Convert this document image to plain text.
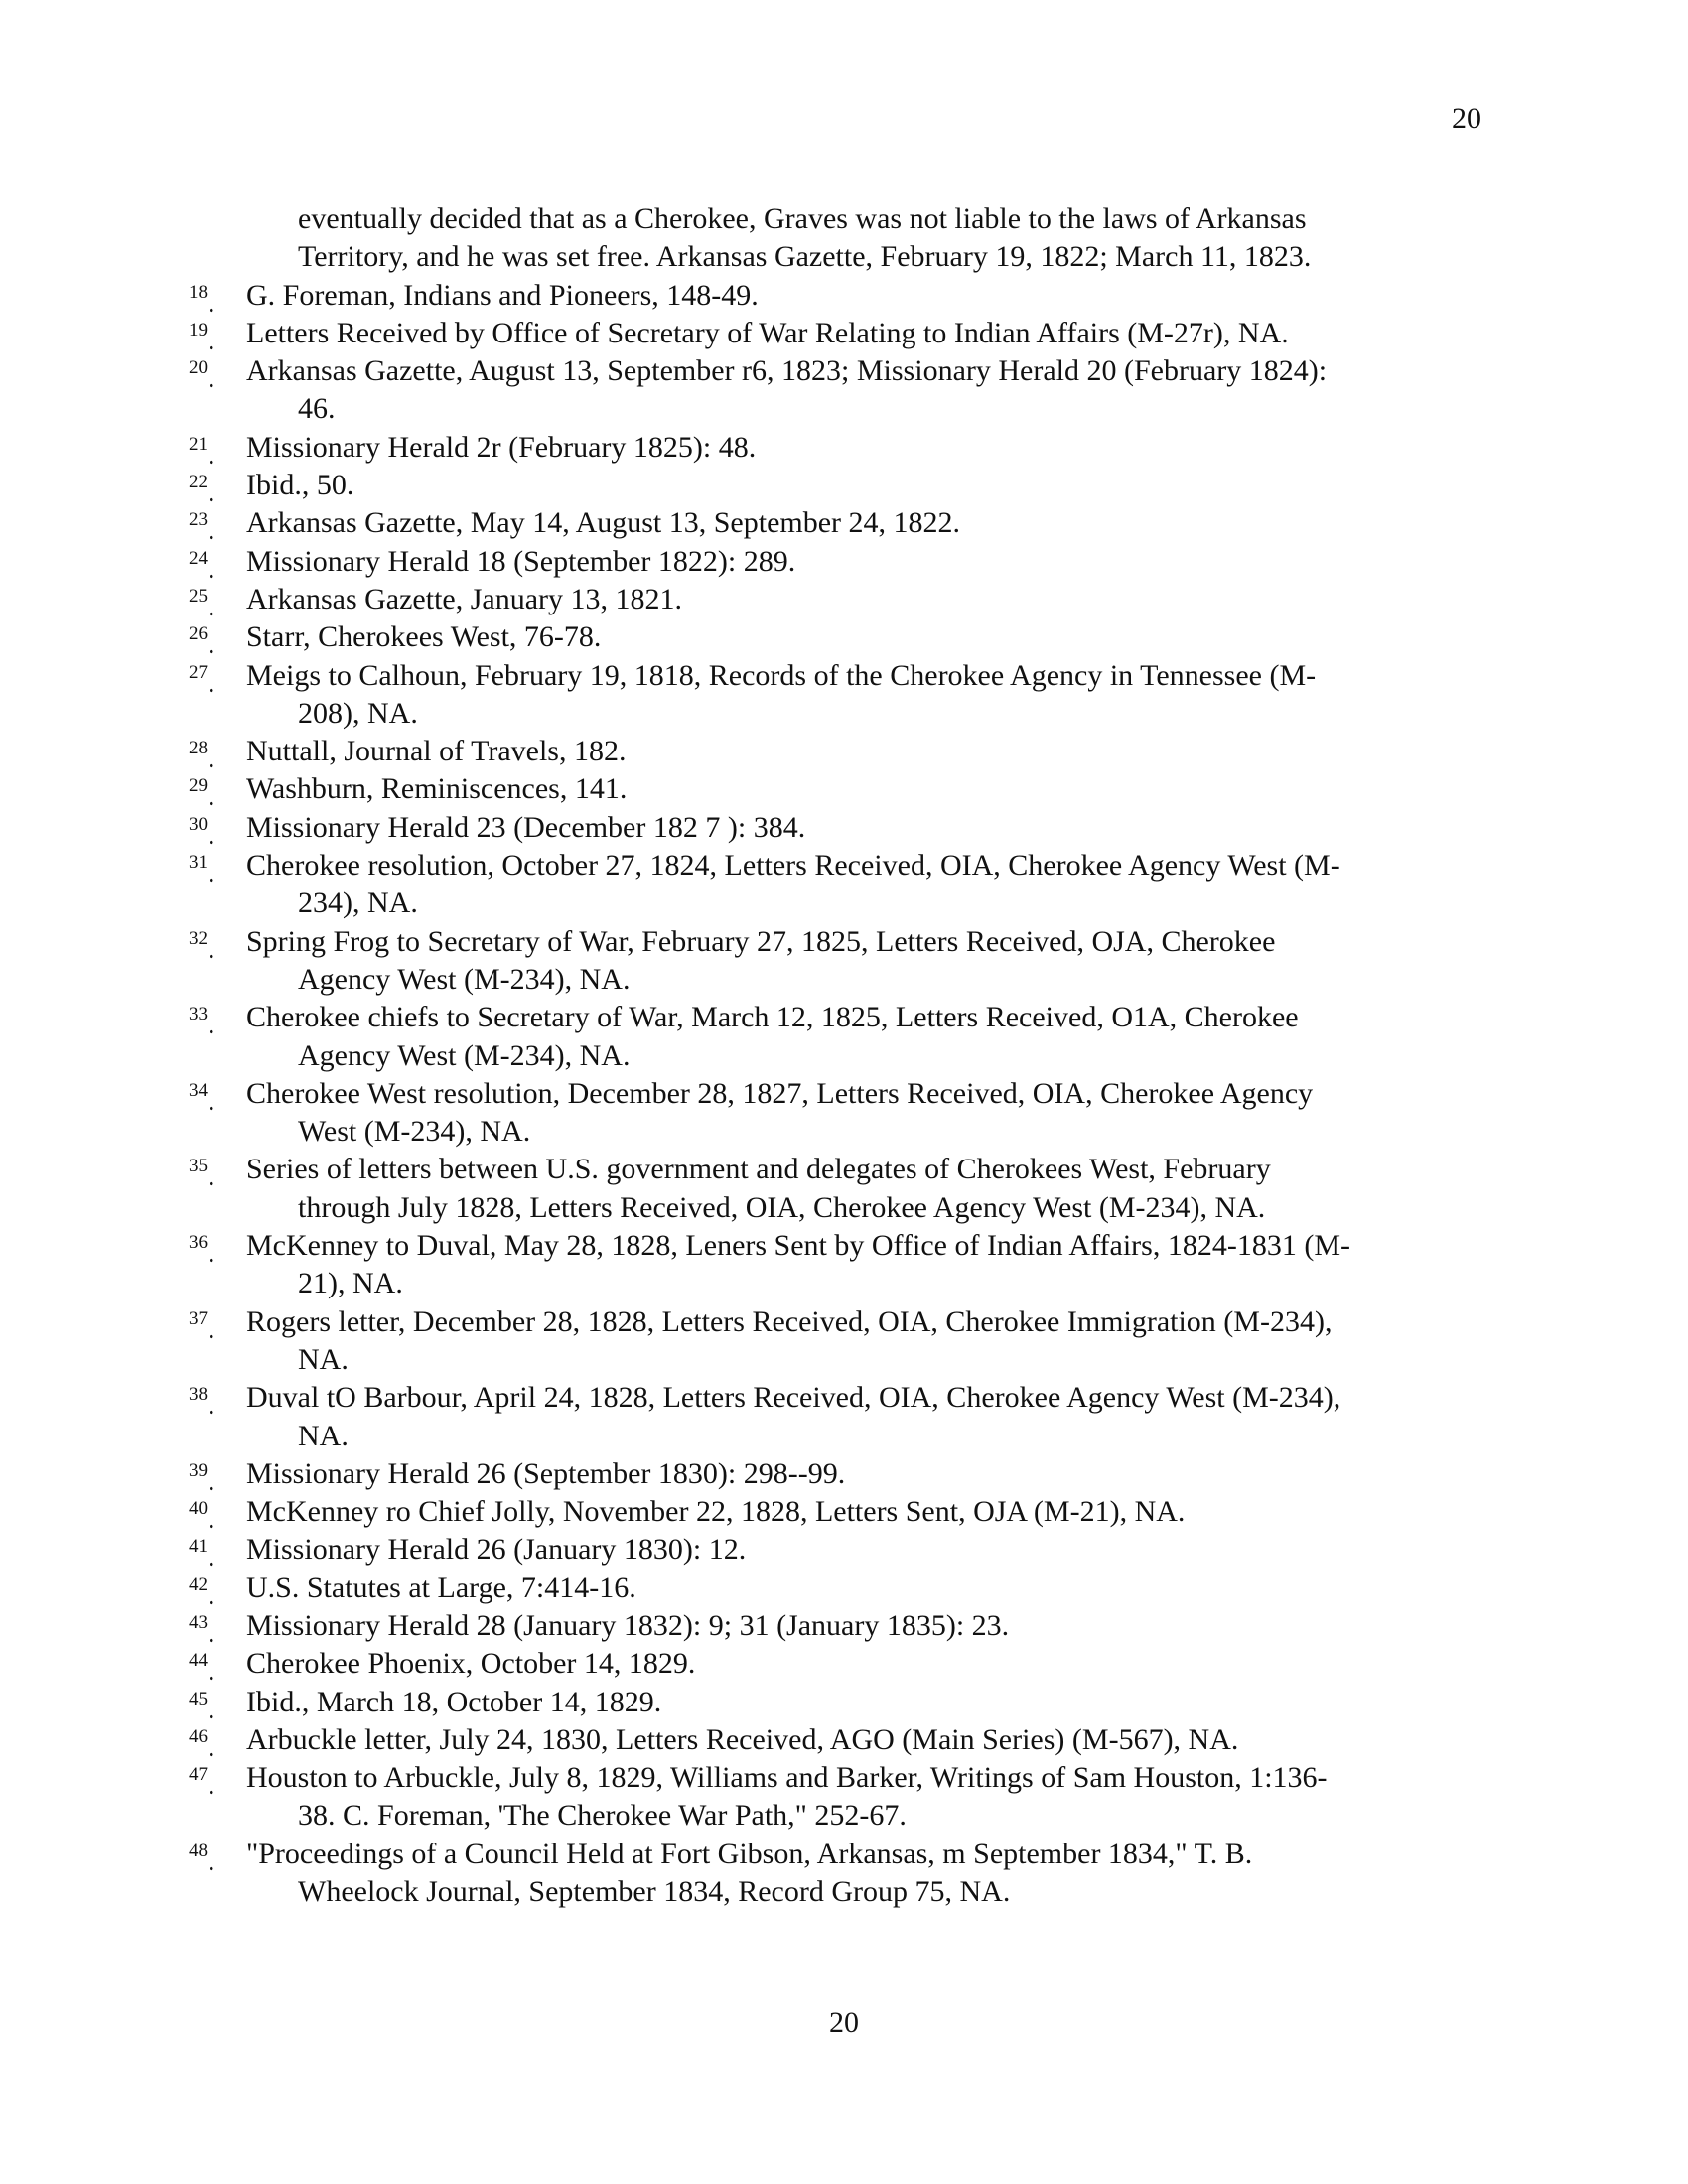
20
eventually decided that as a Cherokee, Graves was not liable to the laws of Arkansas
Territory, and he was set free. Arkansas Gazette, February 19, 1822; March 11, 1823.
$^{18}$. G. Foreman, Indians and Pioneers, 148-49.
$^{19}$. Letters Received by Office of Secretary of War Relating to Indian Affairs (M-27r), NA.
$^{20}$. Arkansas Gazette, August 13, September r6, 1823; Missionary Herald 20 (February 1824):
46.
$^{21}$. Missionary Herald 2r (February 1825): 48.
$^{22}$. Ibid., 50.
$^{23}$. Arkansas Gazette, May 14, August 13, September 24, 1822.
$^{24}$. Missionary Herald 18 (September 1822): 289.
$^{25}$. Arkansas Gazette, January 13, 1821.
$^{26}$. Starr, Cherokees West, 76-78.
$^{27}$. Meigs to Calhoun, February 19, 1818, Records of the Cherokee Agency in Tennessee (M-
208), NA.
$^{28}$. Nuttall, Journal of Travels, 182.
$^{29}$. Washburn, Reminiscences, 141.
$^{30}$. Missionary Herald 23 (December 182 7 ): 384.
$^{31}$. Cherokee resolution, October 27, 1824, Letters Received, OIA, Cherokee Agency West (M-
234), NA.
$^{32}$. Spring Frog to Secretary of War, February 27, 1825, Letters Received, OJA, Cherokee
Agency West (M-234), NA.
$^{33}$. Cherokee chiefs to Secretary of War, March 12, 1825, Letters Received, O1A, Cherokee
Agency West (M-234), NA.
$^{34}$. Cherokee West resolution, December 28, 1827, Letters Received, OIA, Cherokee Agency
West (M-234), NA.
$^{35}$. Series of letters between U.S. government and delegates of Cherokees West, February
through July 1828, Letters Received, OIA, Cherokee Agency West (M-234), NA.
$^{36}$. McKenney to Duval, May 28, 1828, Leners Sent by Office of Indian Affairs, 1824-1831 (M-
21), NA.
$^{37}$. Rogers letter, December 28, 1828, Letters Received, OIA, Cherokee Immigration (M-234),
NA.
$^{38}$. Duval tO Barbour, April 24, 1828, Letters Received, OIA, Cherokee Agency West (M-234),
NA.
$^{39}$. Missionary Herald 26 (September 1830): 298--99.
$^{40}$. McKenney ro Chief Jolly, November 22, 1828, Letters Sent, OJA (M-21), NA.
$^{41}$. Missionary Herald 26 (January 1830): 12.
$^{42}$. U.S. Statutes at Large, 7:414-16.
$^{43}$. Missionary Herald 28 (January 1832): 9; 31 (January 1835): 23.
$^{44}$. Cherokee Phoenix, October 14, 1829.
$^{45}$. Ibid., March 18, October 14, 1829.
$^{46}$. Arbuckle letter, July 24, 1830, Letters Received, AGO (Main Series) (M-567), NA.
$^{47}$. Houston to Arbuckle, July 8, 1829, Williams and Barker, Writings of Sam Houston, 1:136-
38. C. Foreman, 'The Cherokee War Path," 252-67.
$^{48}$. "Proceedings of a Council Held at Fort Gibson, Arkansas, m September 1834," T. B.
Wheelock Journal, September 1834, Record Group 75, NA.
20
